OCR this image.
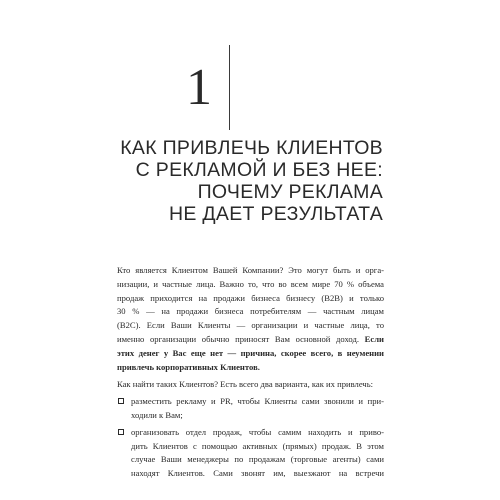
1
КАК ПРИВЛЕЧЬ КЛИЕНТОВ
С РЕКЛАМОЙ И БЕЗ НЕЕ:
ПОЧЕМУ РЕКЛАМА
НЕ ДАЕТ РЕЗУЛЬТАТА
Кто является Клиентом Вашей Компании? Это могут быть и орга-
низации, и частные лица. Важно то, что во всем мире 70 % объема
продаж приходится на продажи бизнеса бизнесу (B2B) и только
30 % — на продажи бизнеса потребителям — частным лицам
(B2C). Если Ваши Клиенты — организации и частные лица, то
именно организации обычно приносят Вам основной доход. Если
этих денег у Вас еще нет — причина, скорее всего, в неумении
привлечь корпоративных Клиентов.
Как найти таких Клиентов? Есть всего два варианта, как их привлечь:
разместить рекламу и PR, чтобы Клиенты сами звонили и при-
ходили к Вам;
организовать отдел продаж, чтобы самим находить и приво-
дить Клиентов с помощью активных (прямых) продаж. В этом
случае Ваши менеджеры по продажам (торговые агенты) сами
находят Клиентов. Сами звонят им, выезжают на встречи
